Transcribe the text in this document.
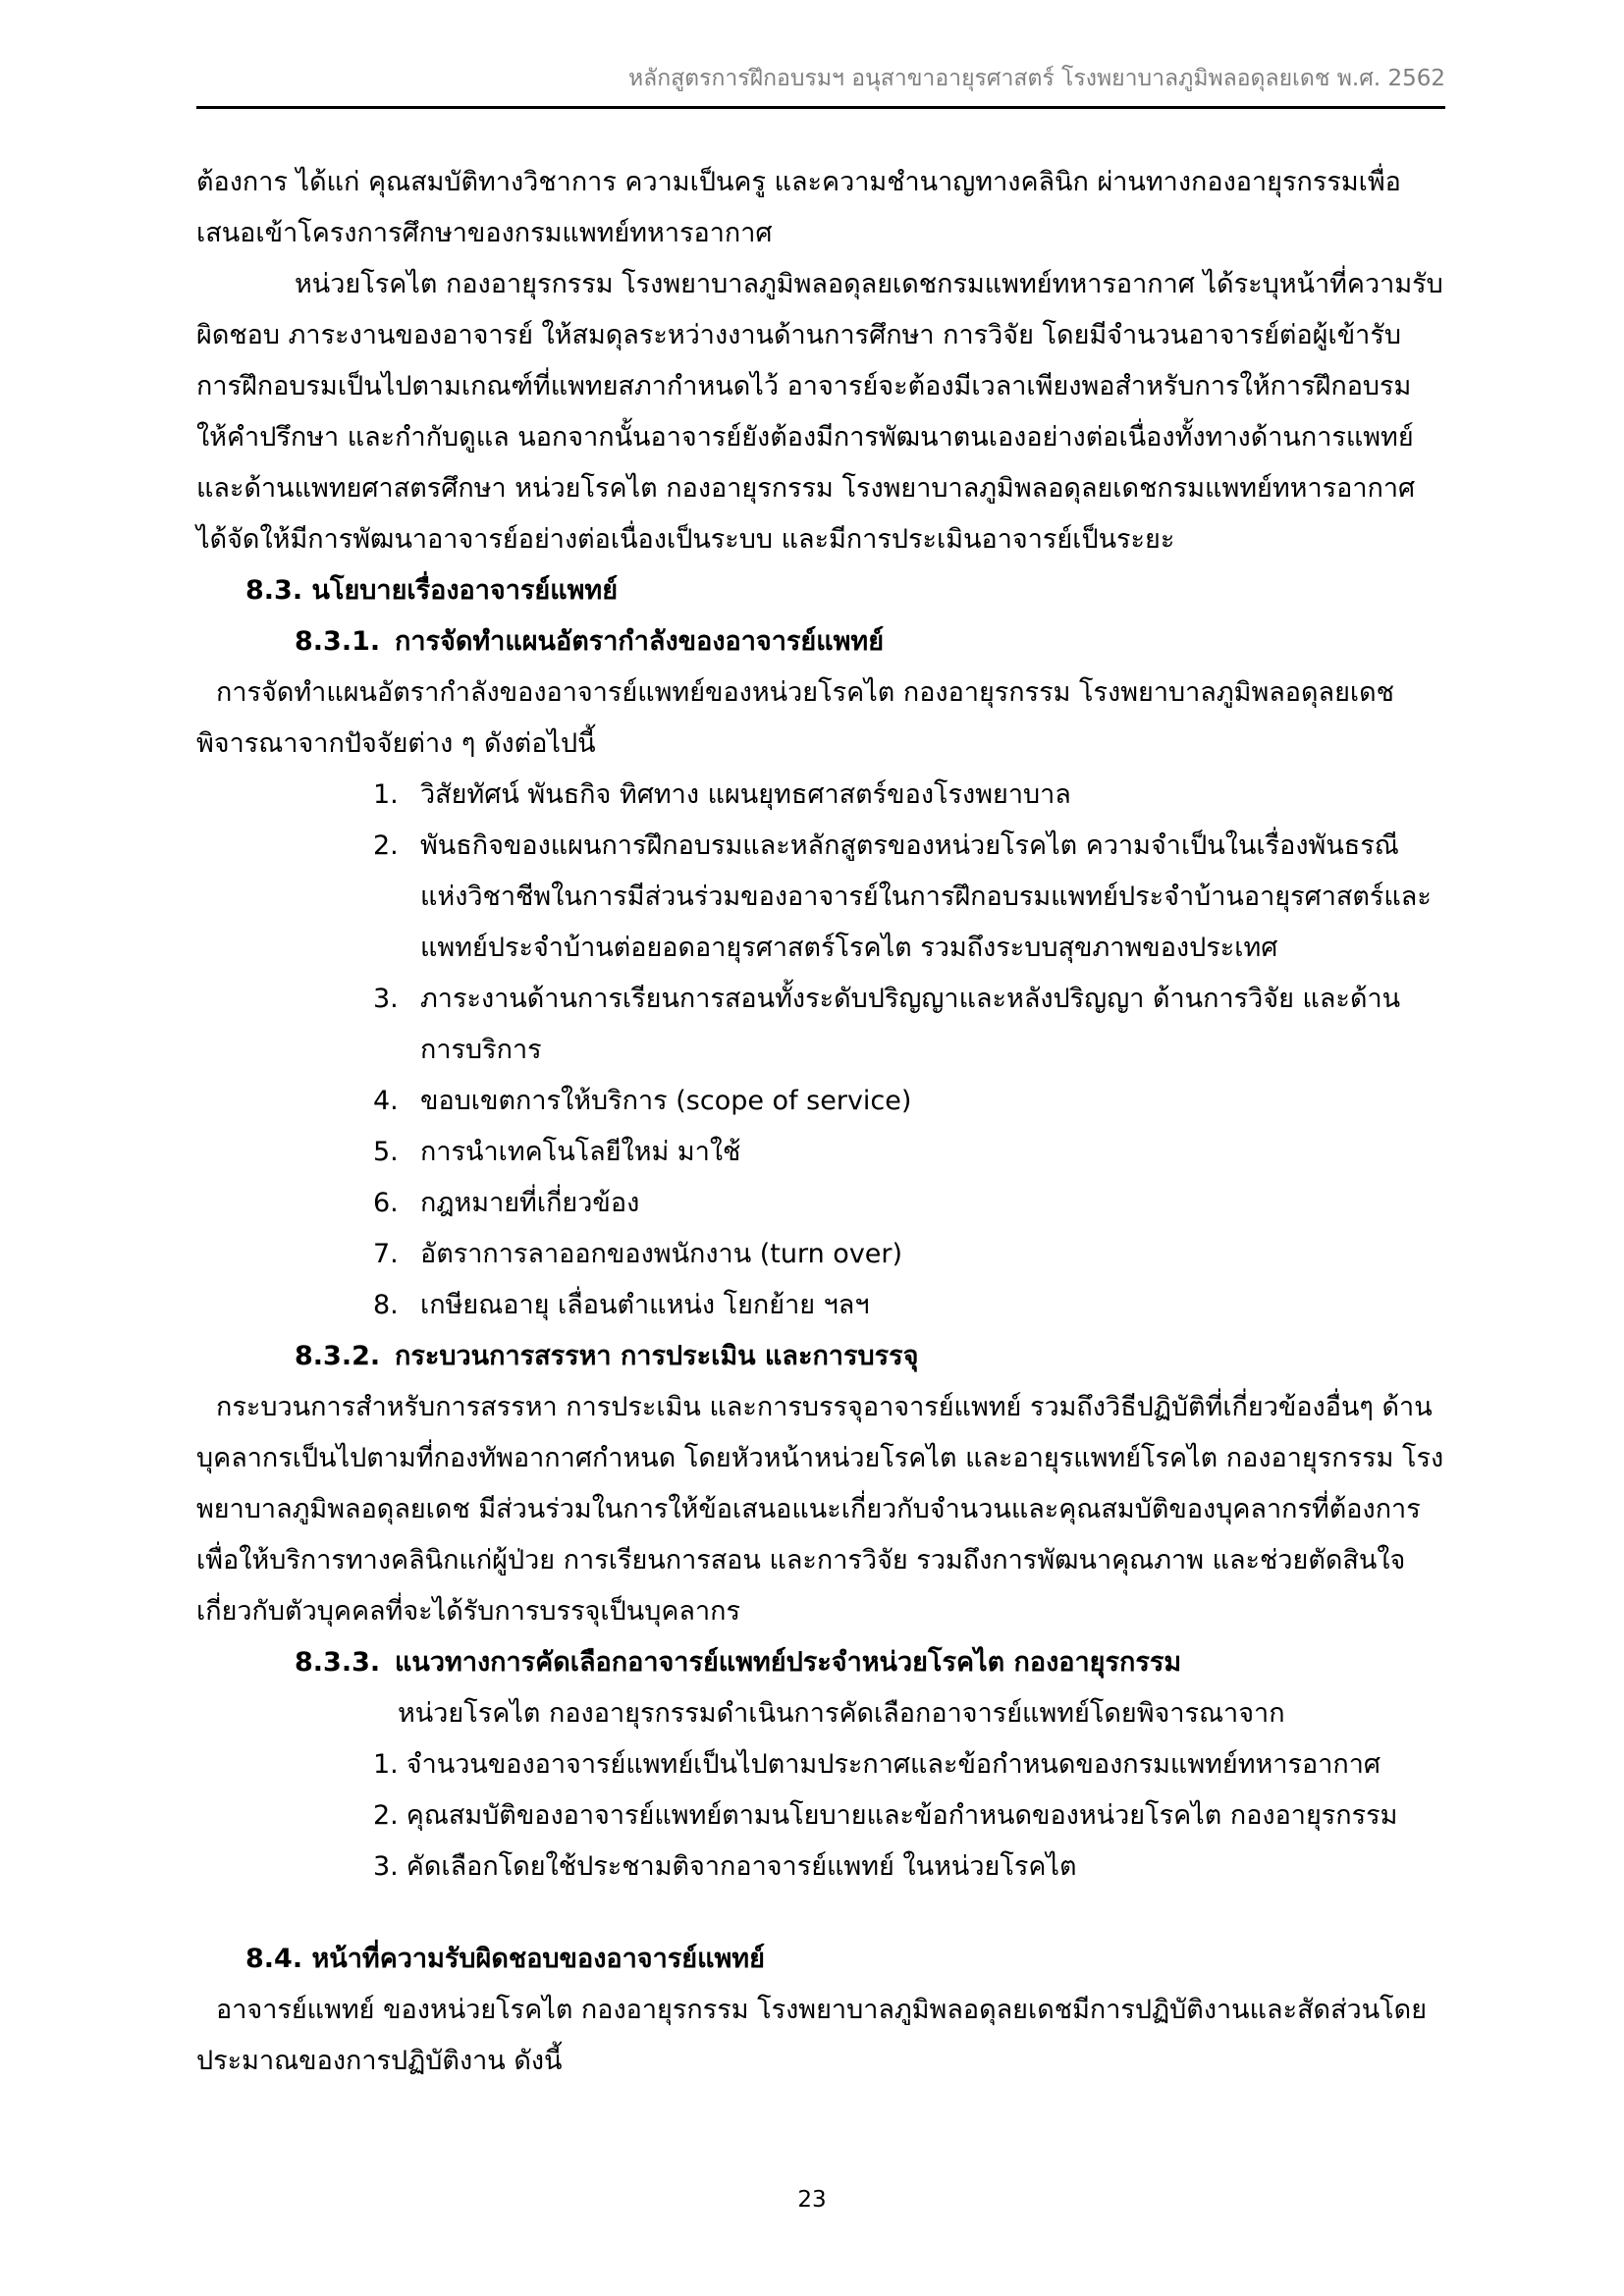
หลักสูตรการฝึกอบรมฯ อนุสาขาอายุรศาสตร์ โรงพยาบาลภูมิพลอดุลยเดช พ.ศ. 2562

ต้องการ ได้แก่ คุณสมบัติทางวิชาการ ความเป็นครู และความชำนาญทางคลินิก ผ่านทางกองอายุรกรรมเพื่อเสนอเข้าโครงการศึกษาของกรมแพทย์ทหารอากาศ

หน่วยโรคไต กองอายุรกรรม โรงพยาบาลภูมิพลอดุลยเดชกรมแพทย์ทหารอากาศ ได้ระบุหน้าที่ความรับผิดชอบ ภาระงานของอาจารย์ ให้สมดุลระหว่างงานด้านการศึกษา การวิจัย โดยมีจำนวนอาจารย์ต่อผู้เข้ารับการฝึกอบรมเป็นไปตามเกณฑ์ที่แพทยสภากำหนดไว้ อาจารย์จะต้องมีเวลาเพียงพอสำหรับการให้การฝึกอบรม ให้คำปรึกษา และกำกับดูแล นอกจากนั้นอาจารย์ยังต้องมีการพัฒนาตนเองอย่างต่อเนื่องทั้งทางด้านการแพทย์และด้านแพทยศาสตรศึกษา หน่วยโรคไต กองอายุรกรรม โรงพยาบาลภูมิพลอดุลยเดชกรมแพทย์ทหารอากาศ ได้จัดให้มีการพัฒนาอาจารย์อย่างต่อเนื่องเป็นระบบ และมีการประเมินอาจารย์เป็นระยะ

8.3. นโยบายเรื่องอาจารย์แพทย์

8.3.1. การจัดทำแผนอัตรากำลังของอาจารย์แพทย์

การจัดทำแผนอัตรากำลังของอาจารย์แพทย์ของหน่วยโรคไต กองอายุรกรรม โรงพยาบาลภูมิพลอดุลยเดชพิจารณาจากปัจจัยต่าง ๆ ดังต่อไปนี้

1. วิสัยทัศน์ พันธกิจ ทิศทาง แผนยุทธศาสตร์ของโรงพยาบาล
2. พันธกิจของแผนการฝึกอบรมและหลักสูตรของหน่วยโรคไต ความจำเป็นในเรื่องพันธรณีแห่งวิชาชีพในการมีส่วนร่วมของอาจารย์ในการฝึกอบรมแพทย์ประจำบ้านอายุรศาสตร์และแพทย์ประจำบ้านต่อยอดอายุรศาสตร์โรคไต รวมถึงระบบสุขภาพของประเทศ
3. ภาระงานด้านการเรียนการสอนทั้งระดับปริญญาและหลังปริญญา ด้านการวิจัย และด้านการบริการ
4. ขอบเขตการให้บริการ (scope of service)
5. การนำเทคโนโลยีใหม่ มาใช้
6. กฎหมายที่เกี่ยวข้อง
7. อัตราการลาออกของพนักงาน (turn over)
8. เกษียณอายุ เลื่อนตำแหน่ง โยกย้าย ฯลฯ

8.3.2. กระบวนการสรรหา การประเมิน และการบรรจุ

กระบวนการสำหรับการสรรหา การประเมิน และการบรรจุอาจารย์แพทย์ รวมถึงวิธีปฏิบัติที่เกี่ยวข้องอื่นๆ ด้านบุคลากรเป็นไปตามที่กองทัพอากาศกำหนด โดยหัวหน้าหน่วยโรคไต และอายุรแพทย์โรคไต กองอายุรกรรม โรงพยาบาลภูมิพลอดุลยเดช มีส่วนร่วมในการให้ข้อเสนอแนะเกี่ยวกับจำนวนและคุณสมบัติของบุคลากรที่ต้องการเพื่อให้บริการทางคลินิกแก่ผู้ป่วย การเรียนการสอน และการวิจัย รวมถึงการพัฒนาคุณภาพ และช่วยตัดสินใจเกี่ยวกับตัวบุคคลที่จะได้รับการบรรจุเป็นบุคลากร

8.3.3. แนวทางการคัดเลือกอาจารย์แพทย์ประจำหน่วยโรคไต กองอายุรกรรม

หน่วยโรคไต กองอายุรกรรมดำเนินการคัดเลือกอาจารย์แพทย์โดยพิจารณาจาก

1. จำนวนของอาจารย์แพทย์เป็นไปตามประกาศและข้อกำหนดของกรมแพทย์ทหารอากาศ
2. คุณสมบัติของอาจารย์แพทย์ตามนโยบายและข้อกำหนดของหน่วยโรคไต กองอายุรกรรม
3. คัดเลือกโดยใช้ประชามติจากอาจารย์แพทย์ ในหน่วยโรคไต

8.4. หน้าที่ความรับผิดชอบของอาจารย์แพทย์

อาจารย์แพทย์ ของหน่วยโรคไต กองอายุรกรรม โรงพยาบาลภูมิพลอดุลยเดชมีการปฏิบัติงานและสัดส่วนโดยประมาณของการปฏิบัติงาน ดังนี้

23
